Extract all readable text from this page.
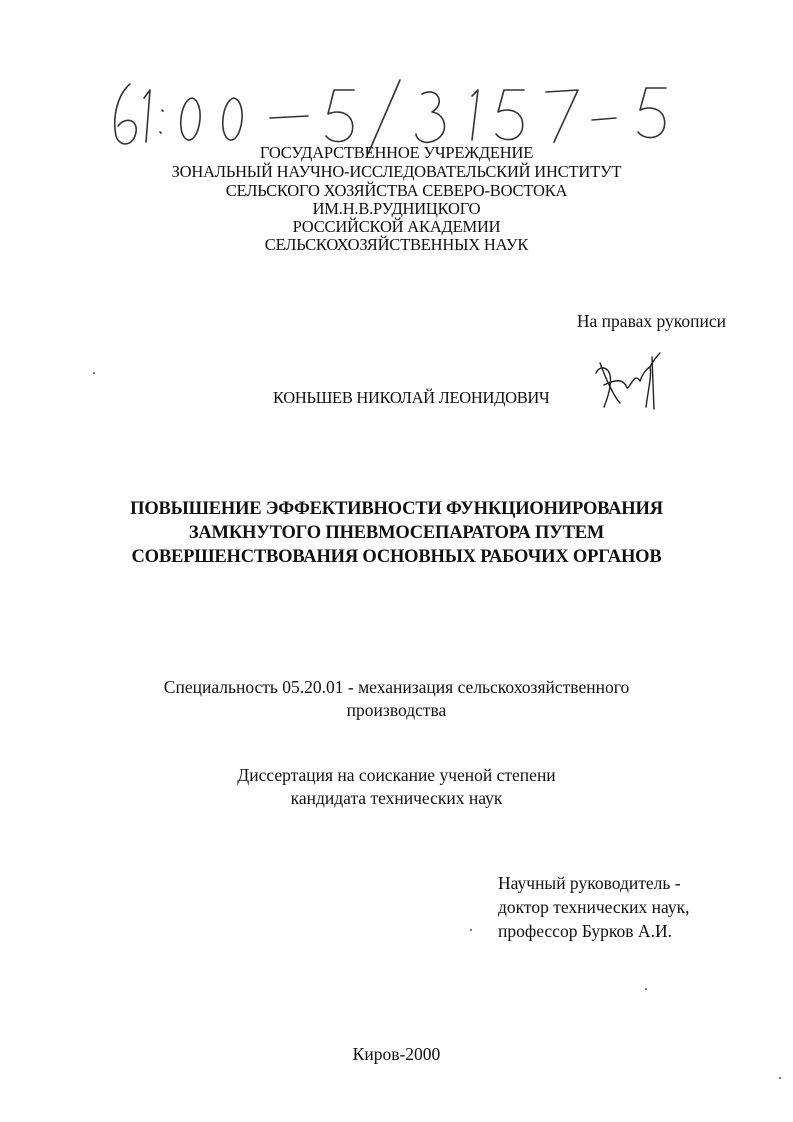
ГОСУДАРСТВЕННОЕ УЧРЕЖДЕНИЕ
ЗОНАЛЬНЫЙ НАУЧНО-ИССЛЕДОВАТЕЛЬСКИЙ ИНСТИТУТ
СЕЛЬСКОГО ХОЗЯЙСТВА СЕВЕРО-ВОСТОКА
ИМ.Н.В.РУДНИЦКОГО
РОССИЙСКОЙ АКАДЕМИИ
СЕЛЬСКОХОЗЯЙСТВЕННЫХ НАУК
На правах рукописи
КОНЬШЕВ НИКОЛАЙ ЛЕОНИДОВИЧ
ПОВЫШЕНИЕ ЭФФЕКТИВНОСТИ ФУНКЦИОНИРОВАНИЯ
ЗАМКНУТОГО ПНЕВМОСЕПАРАТОРА ПУТЕМ
СОВЕРШЕНСТВОВАНИЯ ОСНОВНЫХ РАБОЧИХ ОРГАНОВ
Специальность 05.20.01 - механизация сельскохозяйственного
производства
Диссертация на соискание ученой степени
кандидата технических наук
Научный руководитель -
доктор технических наук,
профессор Бурков А.И.
Киров-2000
